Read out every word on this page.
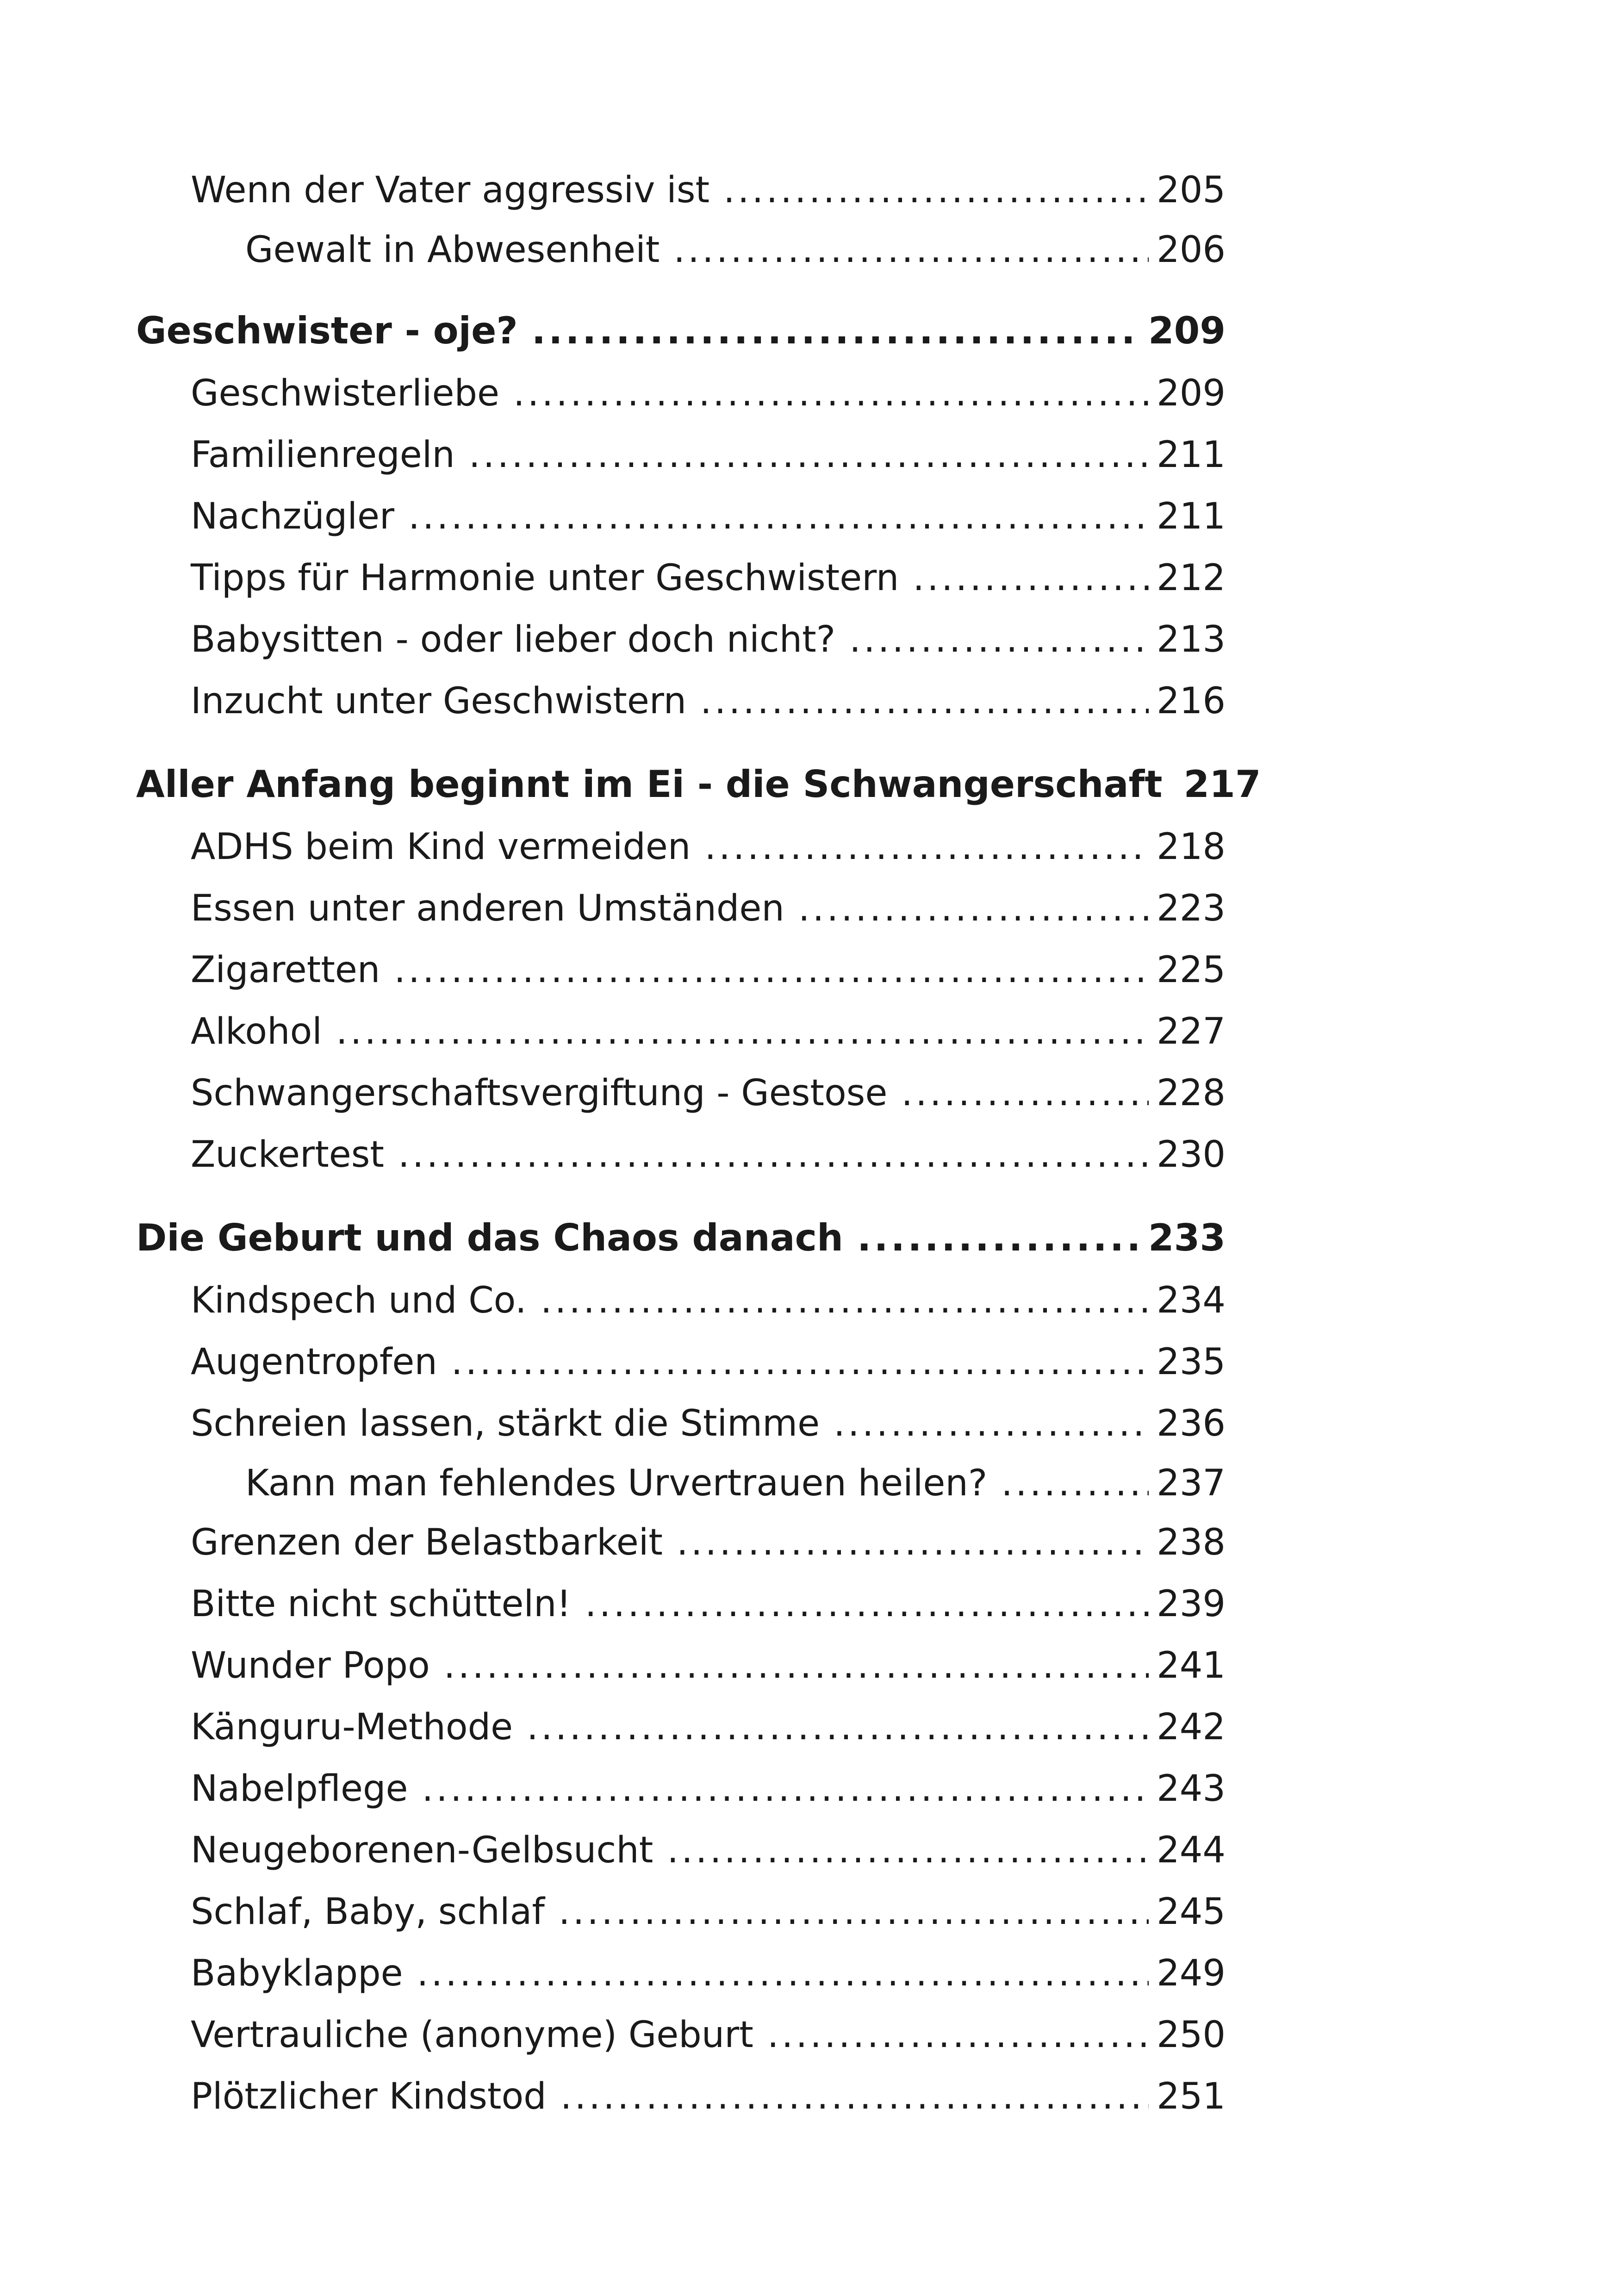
Wenn der Vater aggressiv ist .....	205
Gewalt in Abwesenheit .....	206
Geschwister - oje? .....	209
Geschwisterliebe .....	209
Familienregeln .....	211
Nachzügler .....	211
Tipps für Harmonie unter Geschwistern .....	212
Babysitten - oder lieber doch nicht? .....	213
Inzucht unter Geschwistern .....	216
Aller Anfang beginnt im Ei - die Schwangerschaft 217
ADHS beim Kind vermeiden .....	218
Essen unter anderen Umständen .....	223
Zigaretten .....	225
Alkohol .....	227
Schwangerschaftsvergiftung - Gestose .....	228
Zuckertest .....	230
Die Geburt und das Chaos danach .....	233
Kindspech und Co. .....	234
Augentropfen .....	235
Schreien lassen, stärkt die Stimme .....	236
Kann man fehlendes Urvertrauen heilen? .....	237
Grenzen der Belastbarkeit .....	238
Bitte nicht schütteln! .....	239
Wunder Popo .....	241
Känguru-Methode .....	242
Nabelpflege .....	243
Neugeborenen-Gelbsucht .....	244
Schlaf, Baby, schlaf .....	245
Babyklappe .....	249
Vertrauliche (anonyme) Geburt .....	250
Plötzlicher Kindstod .....	251
